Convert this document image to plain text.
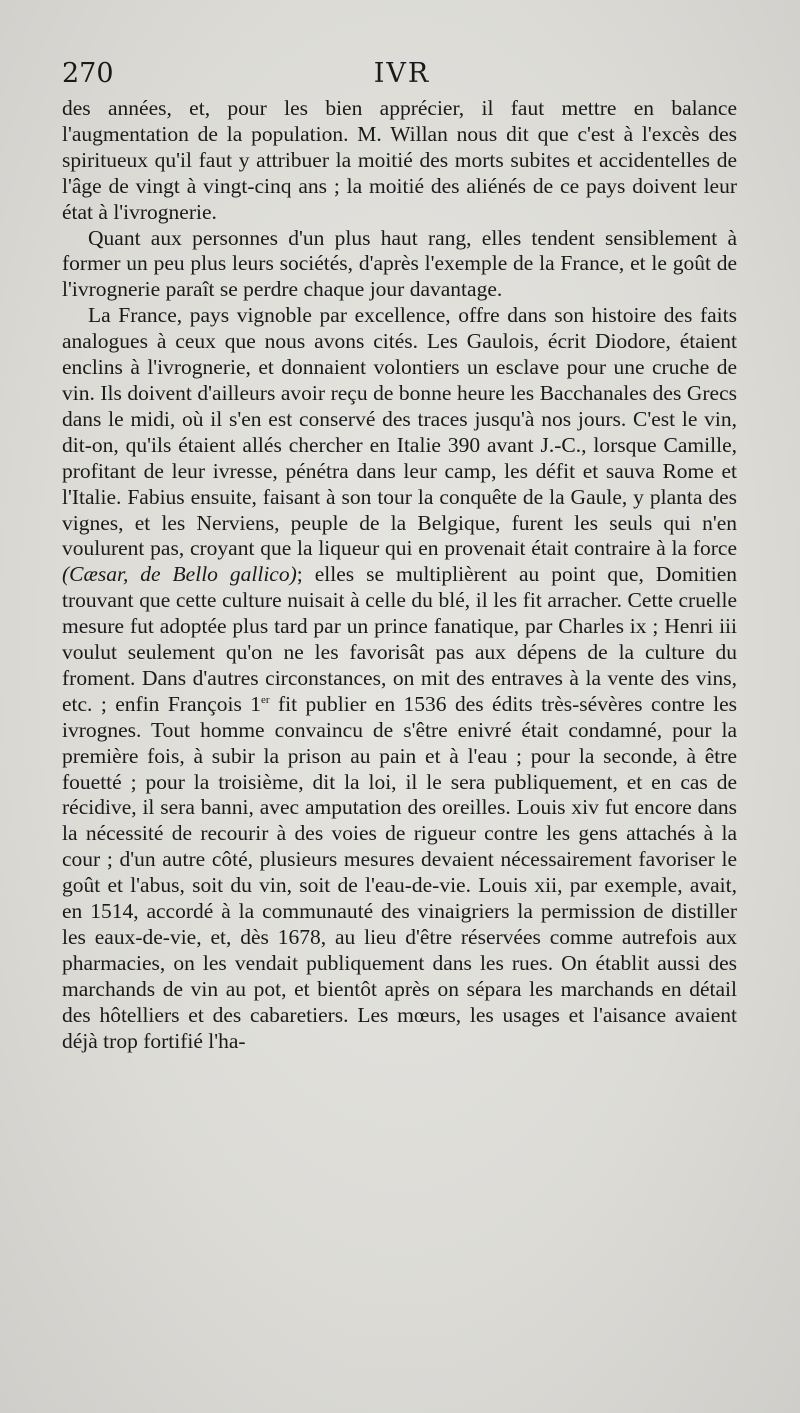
270	IVR

des années, et, pour les bien apprécier, il faut mettre en balance l'augmentation de la population. M. Willan nous dit que c'est à l'excès des spiritueux qu'il faut y attribuer la moitié des morts subites et accidentelles de l'âge de vingt à vingt-cinq ans ; la moitié des aliénés de ce pays doivent leur état à l'ivrognerie.

Quant aux personnes d'un plus haut rang, elles tendent sensiblement à former un peu plus leurs sociétés, d'après l'exemple de la France, et le goût de l'ivrognerie paraît se perdre chaque jour davantage.

La France, pays vignoble par excellence, offre dans son histoire des faits analogues à ceux que nous avons cités. Les Gaulois, écrit Diodore, étaient enclins à l'ivrognerie, et donnaient volontiers un esclave pour une cruche de vin. Ils doivent d'ailleurs avoir reçu de bonne heure les Bacchanales des Grecs dans le midi, où il s'en est conservé des traces jusqu'à nos jours. C'est le vin, dit-on, qu'ils étaient allés chercher en Italie 390 avant J.-C., lorsque Camille, profitant de leur ivresse, pénétra dans leur camp, les défit et sauva Rome et l'Italie. Fabius ensuite, faisant à son tour la conquête de la Gaule, y planta des vignes, et les Nerviens, peuple de la Belgique, furent les seuls qui n'en voulurent pas, croyant que la liqueur qui en provenait était contraire à la force (Cæsar, de Bello gallico); elles se multiplièrent au point que, Domitien trouvant que cette culture nuisait à celle du blé, il les fit arracher. Cette cruelle mesure fut adoptée plus tard par un prince fanatique, par Charles ix ; Henri iii voulut seulement qu'on ne les favorisât pas aux dépens de la culture du froment. Dans d'autres circonstances, on mit des entraves à la vente des vins, etc. ; enfin François 1er fit publier en 1536 des édits très-sévères contre les ivrognes. Tout homme convaincu de s'être enivré était condamné, pour la première fois, à subir la prison au pain et à l'eau ; pour la seconde, à être fouetté ; pour la troisième, dit la loi, il le sera publiquement, et en cas de récidive, il sera banni, avec amputation des oreilles. Louis xiv fut encore dans la nécessité de recourir à des voies de rigueur contre les gens attachés à la cour ; d'un autre côté, plusieurs mesures devaient nécessairement favoriser le goût et l'abus, soit du vin, soit de l'eau-de-vie. Louis xii, par exemple, avait, en 1514, accordé à la communauté des vinaigriers la permission de distiller les eaux-de-vie, et, dès 1678, au lieu d'être réservées comme autrefois aux pharmacies, on les vendait publiquement dans les rues. On établit aussi des marchands de vin au pot, et bientôt après on sépara les marchands en détail des hôtelliers et des cabaretiers. Les mœurs, les usages et l'aisance avaient déjà trop fortifié l'ha-
